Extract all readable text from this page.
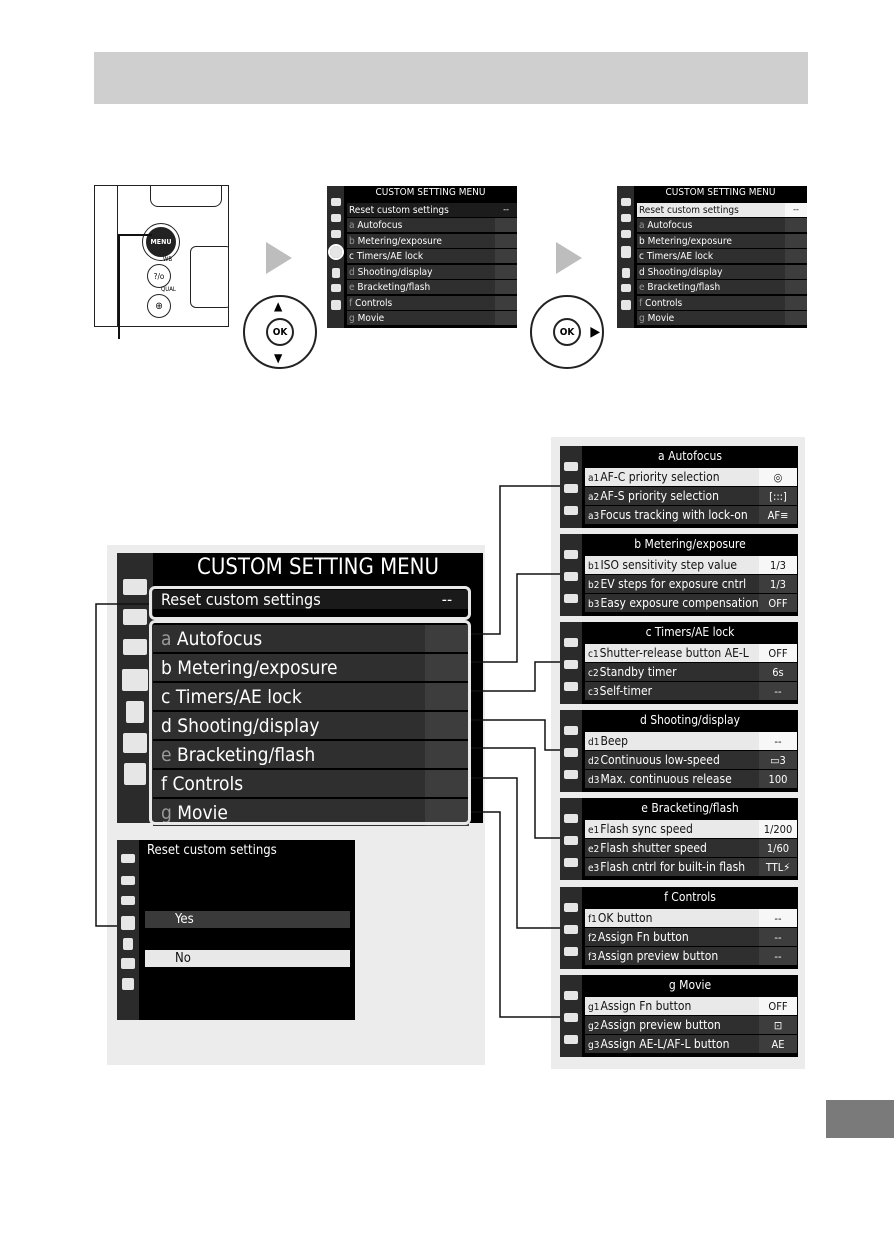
MENU
WB
?/o
QUAL
⊕
OK
▲
▼
CUSTOM SETTING MENU
Reset custom settings	--
a Autofocus
b Metering/exposure
c Timers/AE lock
d Shooting/display
e Bracketing/flash
f Controls
g Movie
OK	▶
CUSTOM SETTING MENU
Reset custom settings	--
a Autofocus
b Metering/exposure
c Timers/AE lock
d Shooting/display
e Bracketing/flash
f Controls
g Movie
CUSTOM SETTING MENU
Reset custom settings	--
a Autofocus
b Metering/exposure
c Timers/AE lock
d Shooting/display
e Bracketing/flash
f Controls
g Movie
Reset custom settings
Yes
No
a Autofocus
a1AF-C priority selection	◎
a2AF-S priority selection	[:::]
a3Focus tracking with lock-on	AF≡
b Metering/exposure
b1ISO sensitivity step value	1/3
b2EV steps for exposure cntrl	1/3
b3Easy exposure compensation OFF
c Timers/AE lock
c1Shutter-release button AE-L	OFF
c2Standby timer	6s
c3Self-timer	--
d Shooting/display
d1Beep	--
d2Continuous low-speed	▭3
d3Max. continuous release	100
e Bracketing/flash
e1Flash sync speed	1/200
e2Flash shutter speed	1/60
e3Flash cntrl for built-in flash	TTL⚡
f Controls
f1OK button	--
f2Assign Fn button	--
f3Assign preview button	--
g Movie
g1Assign Fn button	OFF
g2Assign preview button	⊡
g3Assign AE-L/AF-L button	AE
